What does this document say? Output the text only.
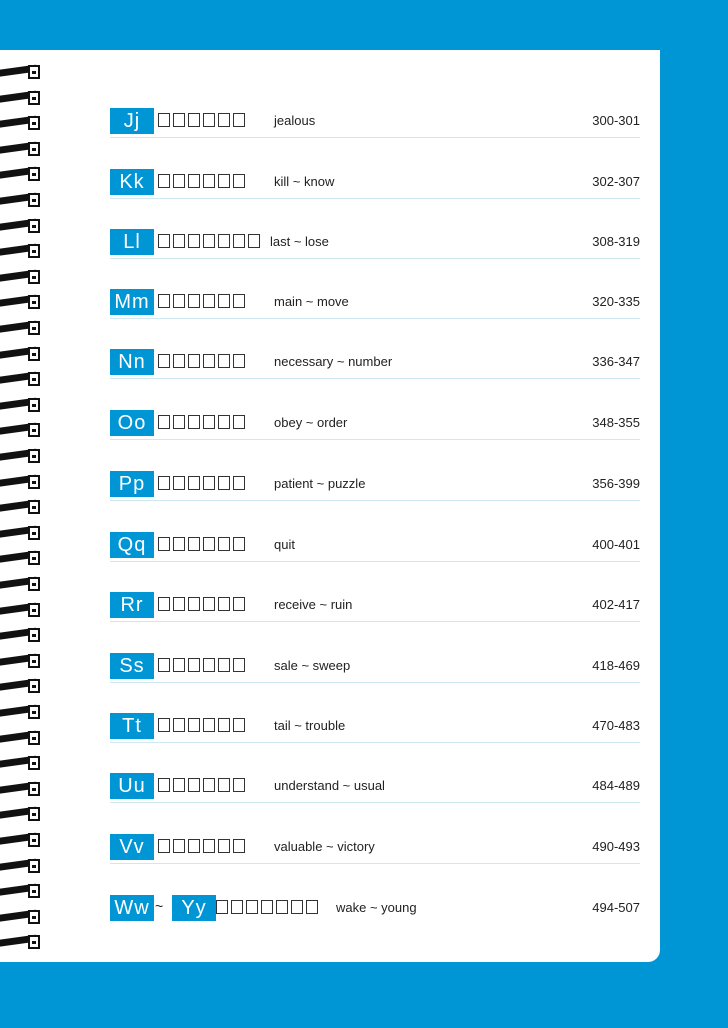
Jj	jealous	300-301
Kk	kill ~ know	302-307
Ll	last ~ lose	308-319
Mm	main ~ move	320-335
Nn	necessary ~ number	336-347
Oo	obey ~ order	348-355
Pp	patient ~ puzzle	356-399
Qq	quit	400-401
Rr	receive ~ ruin	402-417
Ss	sale ~ sweep	418-469
Tt	tail ~ trouble	470-483
Uu	understand ~ usual	484-489
Vv	valuable ~ victory	490-493
Ww ~ Yy	wake ~ young	494-507
